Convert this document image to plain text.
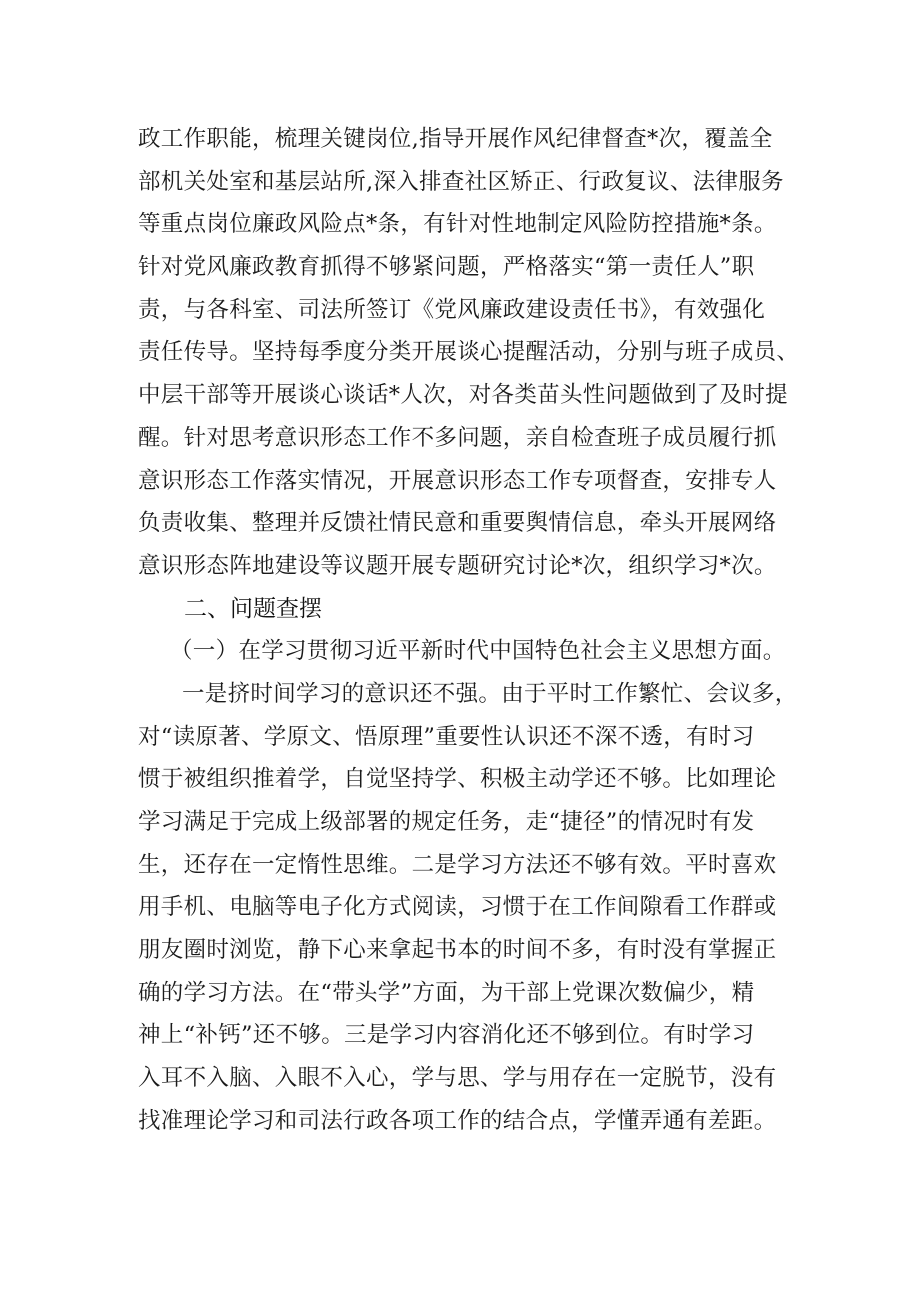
政工作职能，梳理关键岗位,指导开展作风纪律督查*次，覆盖全
部机关处室和基层站所,深入排查社区矫正、行政复议、法律服务
等重点岗位廉政风险点*条，有针对性地制定风险防控措施*条。
针对党风廉政教育抓得不够紧问题，严格落实“第一责任人”职
责，与各科室、司法所签订《党风廉政建设责任书》，有效强化
责任传导。坚持每季度分类开展谈心提醒活动，分别与班子成员、
中层干部等开展谈心谈话*人次，对各类苗头性问题做到了及时提
醒。针对思考意识形态工作不多问题，亲自检查班子成员履行抓
意识形态工作落实情况，开展意识形态工作专项督查，安排专人
负责收集、整理并反馈社情民意和重要舆情信息，牵头开展网络
意识形态阵地建设等议题开展专题研究讨论*次，组织学习*次。
二、问题查摆
（一）在学习贯彻习近平新时代中国特色社会主义思想方面。
一是挤时间学习的意识还不强。由于平时工作繁忙、会议多，
对“读原著、学原文、悟原理”重要性认识还不深不透，有时习
惯于被组织推着学，自觉坚持学、积极主动学还不够。比如理论
学习满足于完成上级部署的规定任务，走“捷径”的情况时有发
生，还存在一定惰性思维。二是学习方法还不够有效。平时喜欢
用手机、电脑等电子化方式阅读，习惯于在工作间隙看工作群或
朋友圈时浏览，静下心来拿起书本的时间不多，有时没有掌握正
确的学习方法。在“带头学”方面，为干部上党课次数偏少，精
神上“补钙”还不够。三是学习内容消化还不够到位。有时学习
入耳不入脑、入眼不入心，学与思、学与用存在一定脱节，没有
找准理论学习和司法行政各项工作的结合点，学懂弄通有差距。
